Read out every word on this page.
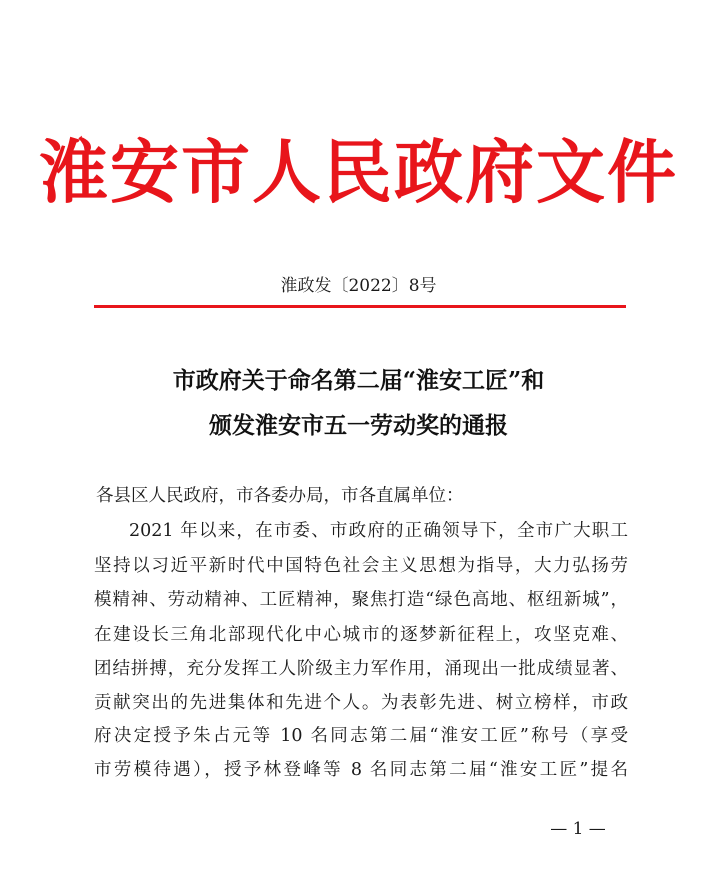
淮安市人民政府文件
淮政发〔2022〕8号
市政府关于命名第二届“淮安工匠”和
颁发淮安市五一劳动奖的通报
各县区人民政府，市各委办局，市各直属单位：
2021 年以来，在市委、市政府的正确领导下，全市广大职工
坚持以习近平新时代中国特色社会主义思想为指导，大力弘扬劳
模精神、劳动精神、工匠精神，聚焦打造“绿色高地、枢纽新城”，
在建设长三角北部现代化中心城市的逐梦新征程上，攻坚克难、
团结拼搏，充分发挥工人阶级主力军作用，涌现出一批成绩显著、
贡献突出的先进集体和先进个人。为表彰先进、树立榜样，市政
府决定授予朱占元等 10 名同志第二届“淮安工匠”称号（享受
市劳模待遇），授予林登峰等 8 名同志第二届“淮安工匠”提名
— 1 —
